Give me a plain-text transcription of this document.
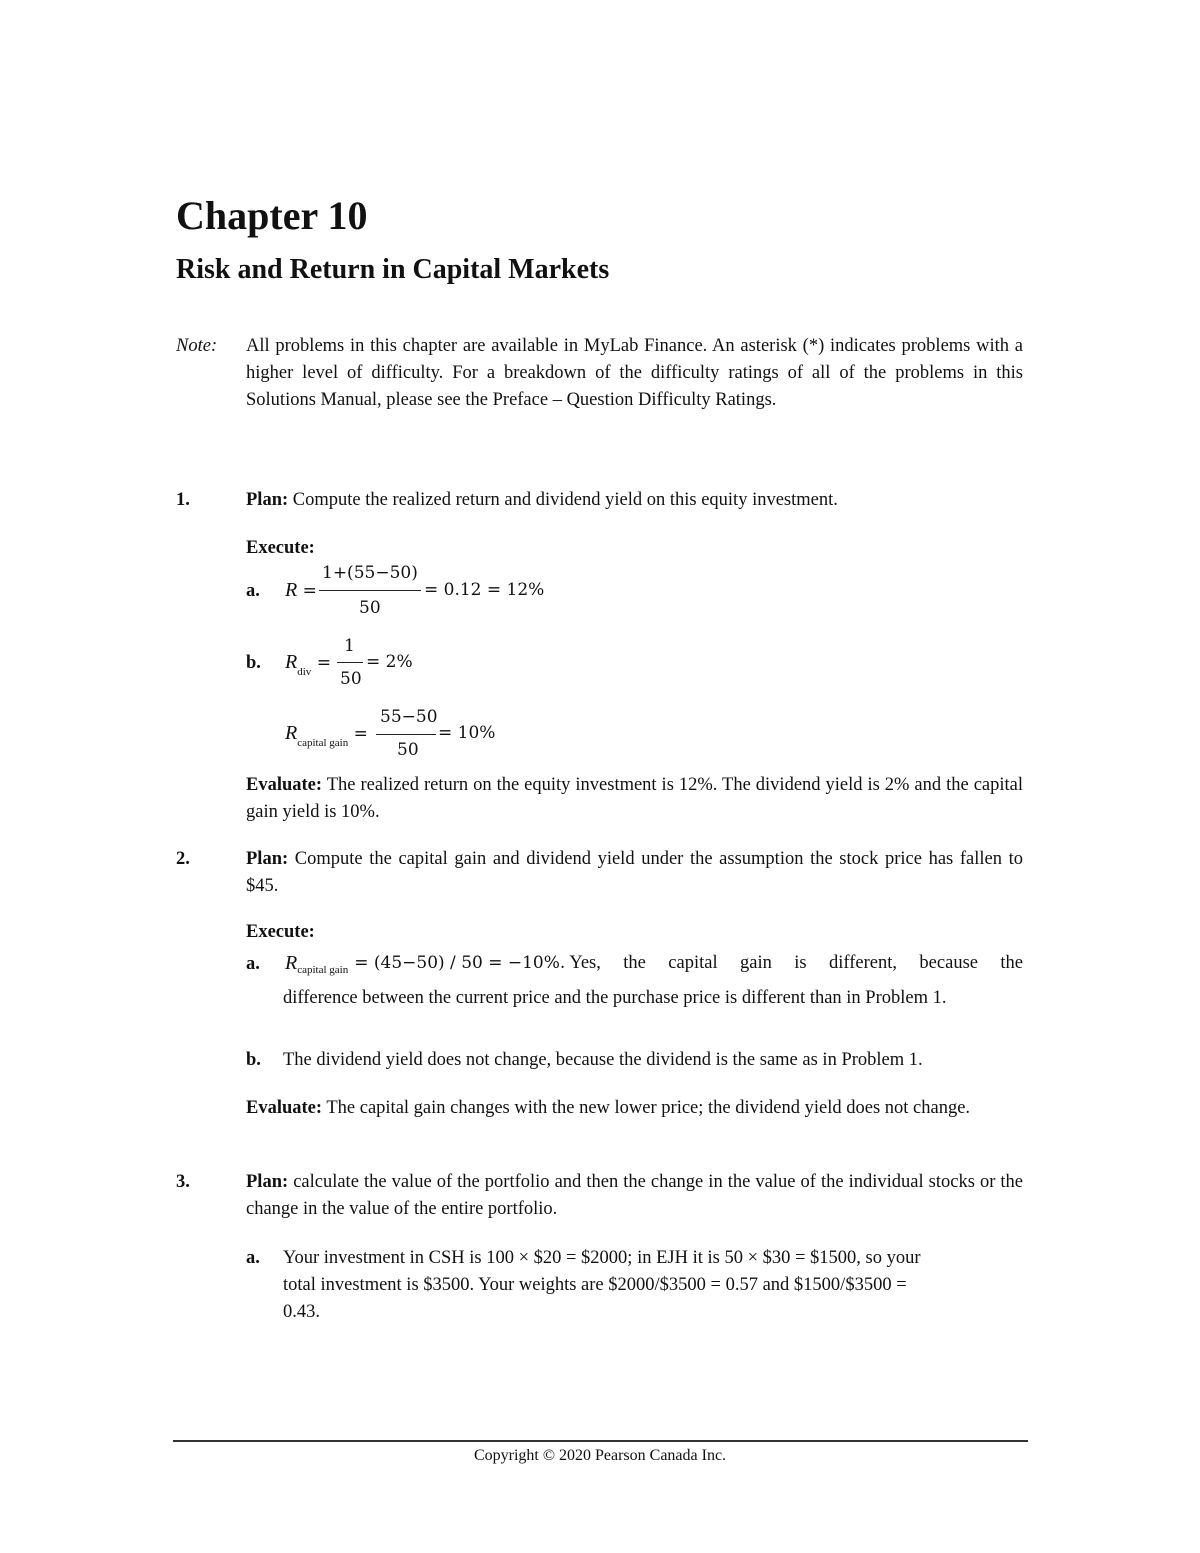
Chapter 10
Risk and Return in Capital Markets
Note: All problems in this chapter are available in MyLab Finance. An asterisk (*) indicates problems with a higher level of difficulty. For a breakdown of the difficulty ratings of all of the problems in this Solutions Manual, please see the Preface – Question Difficulty Ratings.
1.	Plan: Compute the realized return and dividend yield on this equity investment.
Execute:
a. R =
1+(55−50)
50
= 0.12 = 12%
b. $R_{div}$ =
1
50
= 2%
$R_{capital gain}$ =
55−50
50
= 10%
Evaluate: The realized return on the equity investment is 12%. The dividend yield is 2% and the capital gain yield is 10%.
2.	Plan: Compute the capital gain and dividend yield under the assumption the stock price has fallen to $45.
Execute:
a. R capital gain = (45−50) / 50 = −10%. Yes, the capital gain is different, because the
difference between the current price and the purchase price is different than in Problem 1.
b. The dividend yield does not change, because the dividend is the same as in Problem 1.
Evaluate: The capital gain changes with the new lower price; the dividend yield does not change.
3.	Plan: calculate the value of the portfolio and then the change in the value of the individual stocks or the change in the value of the entire portfolio.
a. Your investment in CSH is 100 × $20 = $2000; in EJH it is 50 × $30 = $1500, so your total investment is $3500. Your weights are $2000/$3500 = 0.57 and $1500/$3500 = 0.43.
Copyright © 2020 Pearson Canada Inc.
